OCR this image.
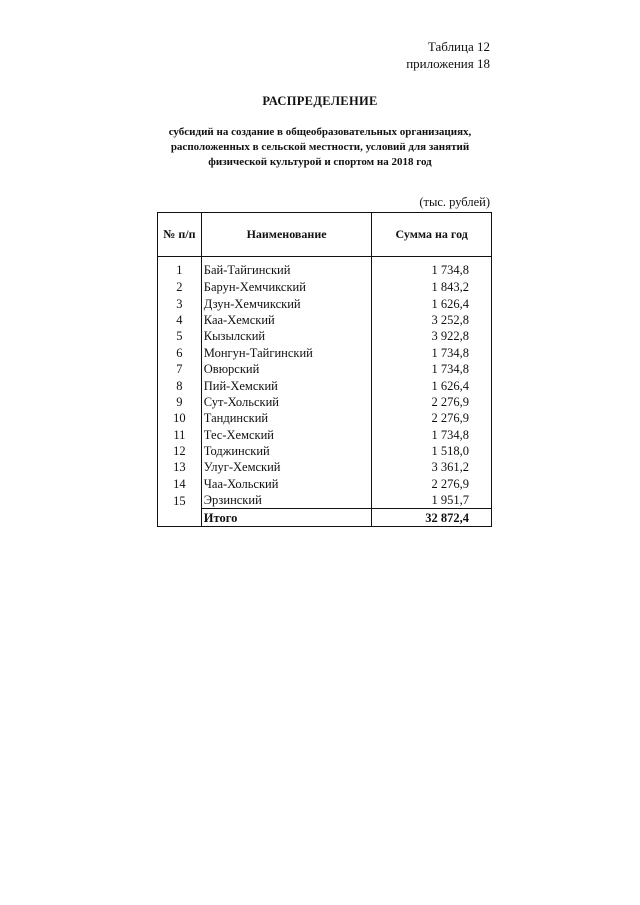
Таблица 12
приложения 18
РАСПРЕДЕЛЕНИЕ
субсидий на создание в общеобразовательных организациях,
расположенных в сельской местности, условий для занятий
физической культурой и спортом на 2018 год
(тыс. рублей)
№ п/п	Наименование	Сумма на год
1	Бай-Тайгинский	1 734,8
2	Барун-Хемчикский	1 843,2
3	Дзун-Хемчикский	1 626,4
4	Каа-Хемский	3 252,8
5	Кызылский	3 922,8
6	Монгун-Тайгинский	1 734,8
7	Овюрский	1 734,8
8	Пий-Хемский	1 626,4
9	Сут-Хольский	2 276,9
10	Тандинский	2 276,9
11	Тес-Хемский	1 734,8
12	Тоджинский	1 518,0
13	Улуг-Хемский	3 361,2
14	Чаа-Хольский	2 276,9
15	Эрзинский	1 951,7
	Итого	32 872,4
